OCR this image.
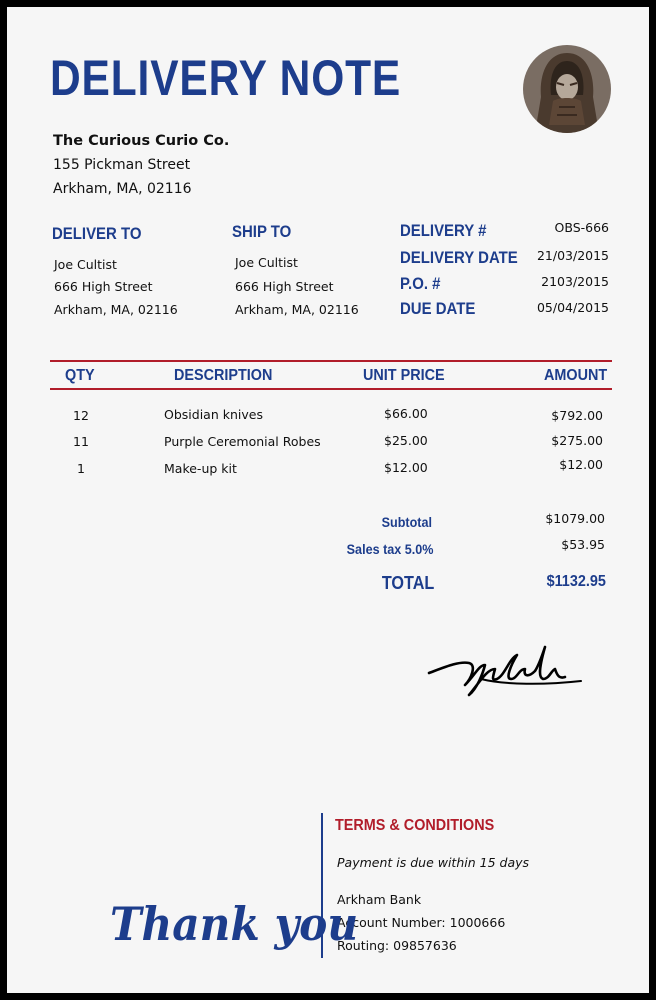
DELIVERY NOTE
The Curious Curio Co.
155 Pickman Street
Arkham, MA, 02116
DELIVER TO
Joe Cultist
666 High Street
Arkham, MA, 02116
SHIP TO
Joe Cultist
666 High Street
Arkham, MA, 02116
DELIVERY #	OBS-666
DELIVERY DATE 21/03/2015
P.O. #	2103/2015
DUE DATE	05/04/2015
QTY	DESCRIPTION	UNIT PRICE	AMOUNT
12	Obsidian knives	$66.00	$792.00
11	Purple Ceremonial Robes	$25.00	$275.00
1	Make-up kit	$12.00	$12.00
Subtotal	$1079.00
Sales tax 5.0%	$53.95
TOTAL	$1132.95
TERMS & CONDITIONS
Payment is due within 15 days
Arkham Bank
Account Number: 1000666
Routing: 09857636
Thank you
